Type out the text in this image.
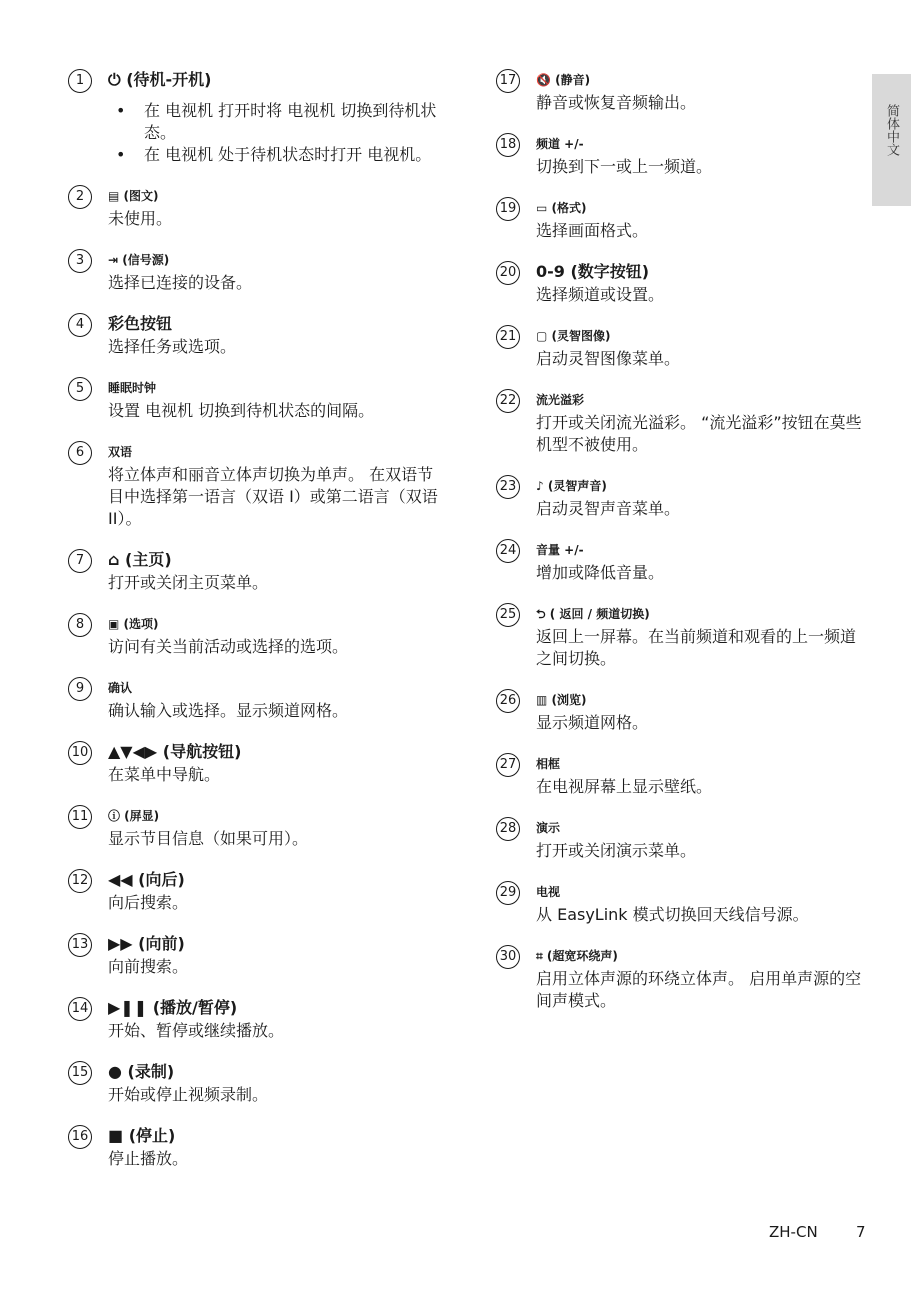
简体中文
1	⏻ (待机-开机)
• 在 电视机 打开时将 电视机 切换到待机状态。
• 在 电视机 处于待机状态时打开 电视机。
2	▤ (图文)
未使用。
3	⇥ (信号源)
选择已连接的设备。
4	彩色按钮
选择任务或选项。
5	睡眠时钟
设置 电视机 切换到待机状态的间隔。
6	双语
将立体声和丽音立体声切换为单声。 在双语节目中选择第一语言（双语 I）或第二语言（双语 II）。
7	⌂ (主页)
打开或关闭主页菜单。
8	▣ (选项)
访问有关当前活动或选择的选项。
9	确认
确认输入或选择。显示频道网格。
10 ▲▼◀▶ (导航按钮)
在菜单中导航。
11	ⓘ (屏显)
显示节目信息（如果可用）。
12 ◀◀ (向后)
向后搜索。
13 ▶▶ (向前)
向前搜索。
14 ▶❚❚ (播放/暂停)
开始、暂停或继续播放。
15 ● (录制)
开始或停止视频录制。
16 ■ (停止)
停止播放。
17	🔇 (静音)
静音或恢复音频输出。
18	频道 +/-
切换到下一或上一频道。
19	▭ (格式)
选择画面格式。
20 0-9 (数字按钮)
选择频道或设置。
21	▢ (灵智图像)
启动灵智图像菜单。
22	流光溢彩
打开或关闭流光溢彩。 “流光溢彩”按钮在莫些机型不被使用。
23	♪ (灵智声音)
启动灵智声音菜单。
24	音量 +/-
增加或降低音量。
25	⮌ ( 返回 / 频道切换)
返回上一屏幕。在当前频道和观看的上一频道之间切换。
26	▥ (浏览)
显示频道网格。
27	相框
在电视屏幕上显示壁纸。
28	演示
打开或关闭演示菜单。
29	电视
从 EasyLink 模式切换回天线信号源。
30	⌗ (超宽环绕声)
启用立体声源的环绕立体声。 启用单声源的空间声模式。
ZH-CN	7
